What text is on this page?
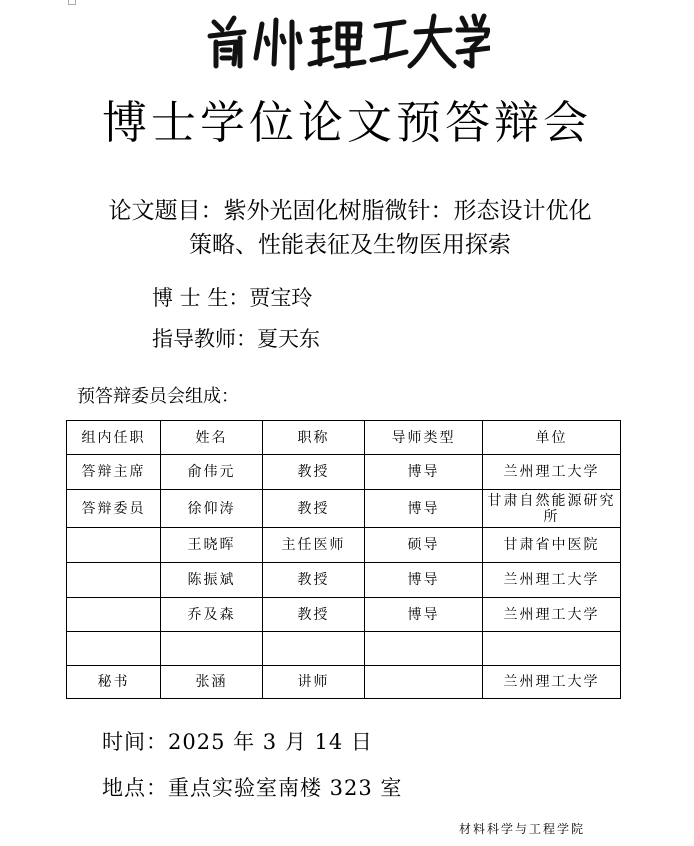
兰州理工大学
博士学位论文预答辩会
论文题目：紫外光固化树脂微针：形态设计优化
策略、性能表征及生物医用探索
博 士 生：贾宝玲
指导教师：夏天东
预答辩委员会组成：
组内任职	姓名	职称	导师类型	单位
答辩主席	俞伟元	教授	博导	兰州理工大学
答辩委员	徐仰涛	教授	博导	甘肃自然能源研究所
	王晓晖	主任医师	硕导	甘肃省中医院
	陈振斌	教授	博导	兰州理工大学
	乔及森	教授	博导	兰州理工大学

秘书	张涵	讲师		兰州理工大学
时间：2025 年 3 月 14 日
地点：重点实验室南楼 323 室
材料科学与工程学院
